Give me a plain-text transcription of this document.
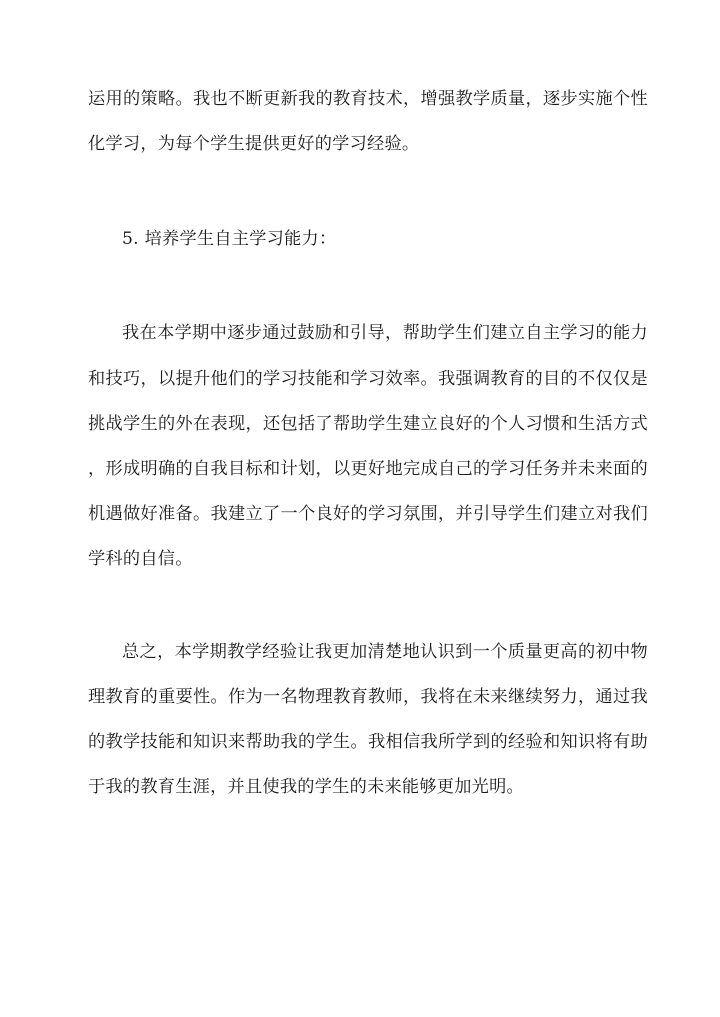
运用的策略。我也不断更新我的教育技术，增强教学质量，逐步实施个性
化学习，为每个学生提供更好的学习经验。
5. 培养学生自主学习能力：
我在本学期中逐步通过鼓励和引导，帮助学生们建立自主学习的能力
和技巧，以提升他们的学习技能和学习效率。我强调教育的目的不仅仅是
挑战学生的外在表现，还包括了帮助学生建立良好的个人习惯和生活方式
，形成明确的自我目标和计划，以更好地完成自己的学习任务并未来面的
机遇做好准备。我建立了一个良好的学习氛围，并引导学生们建立对我们
学科的自信。
总之，本学期教学经验让我更加清楚地认识到一个质量更高的初中物
理教育的重要性。作为一名物理教育教师，我将在未来继续努力，通过我
的教学技能和知识来帮助我的学生。我相信我所学到的经验和知识将有助
于我的教育生涯，并且使我的学生的未来能够更加光明。
